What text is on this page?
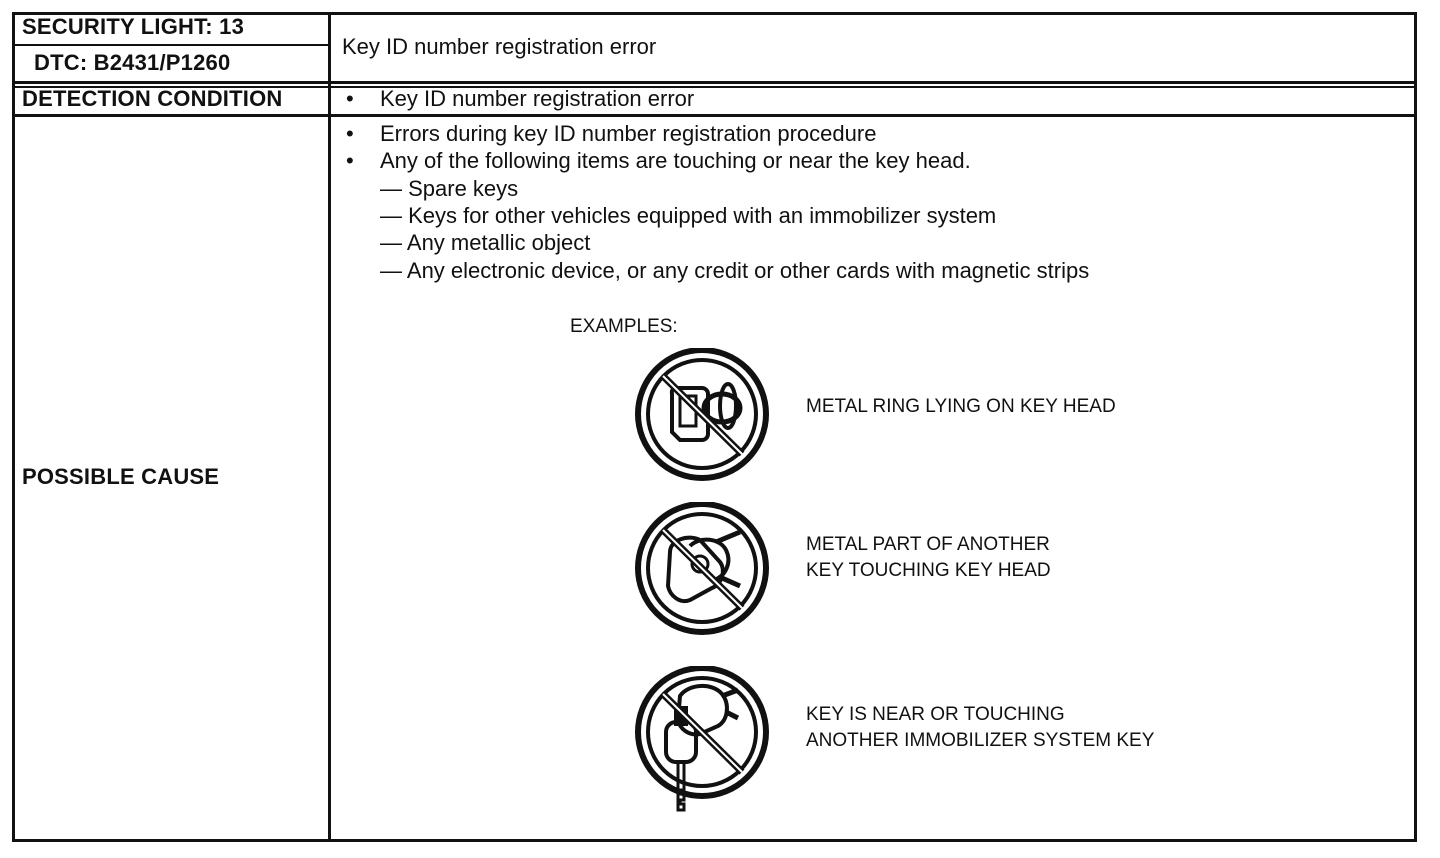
SECURITY LIGHT: 13
DTC: B2431/P1260
Key ID number registration error
DETECTION CONDITION	• Key ID number registration error
POSSIBLE CAUSE
• Errors during key ID number registration procedure
• Any of the following items are touching or near the key head.
— Spare keys
— Keys for other vehicles equipped with an immobilizer system
— Any metallic object
— Any electronic device, or any credit or other cards with magnetic strips
EXAMPLES:
METAL RING LYING ON KEY HEAD
METAL PART OF ANOTHER
KEY TOUCHING KEY HEAD
KEY IS NEAR OR TOUCHING
ANOTHER IMMOBILIZER SYSTEM KEY
